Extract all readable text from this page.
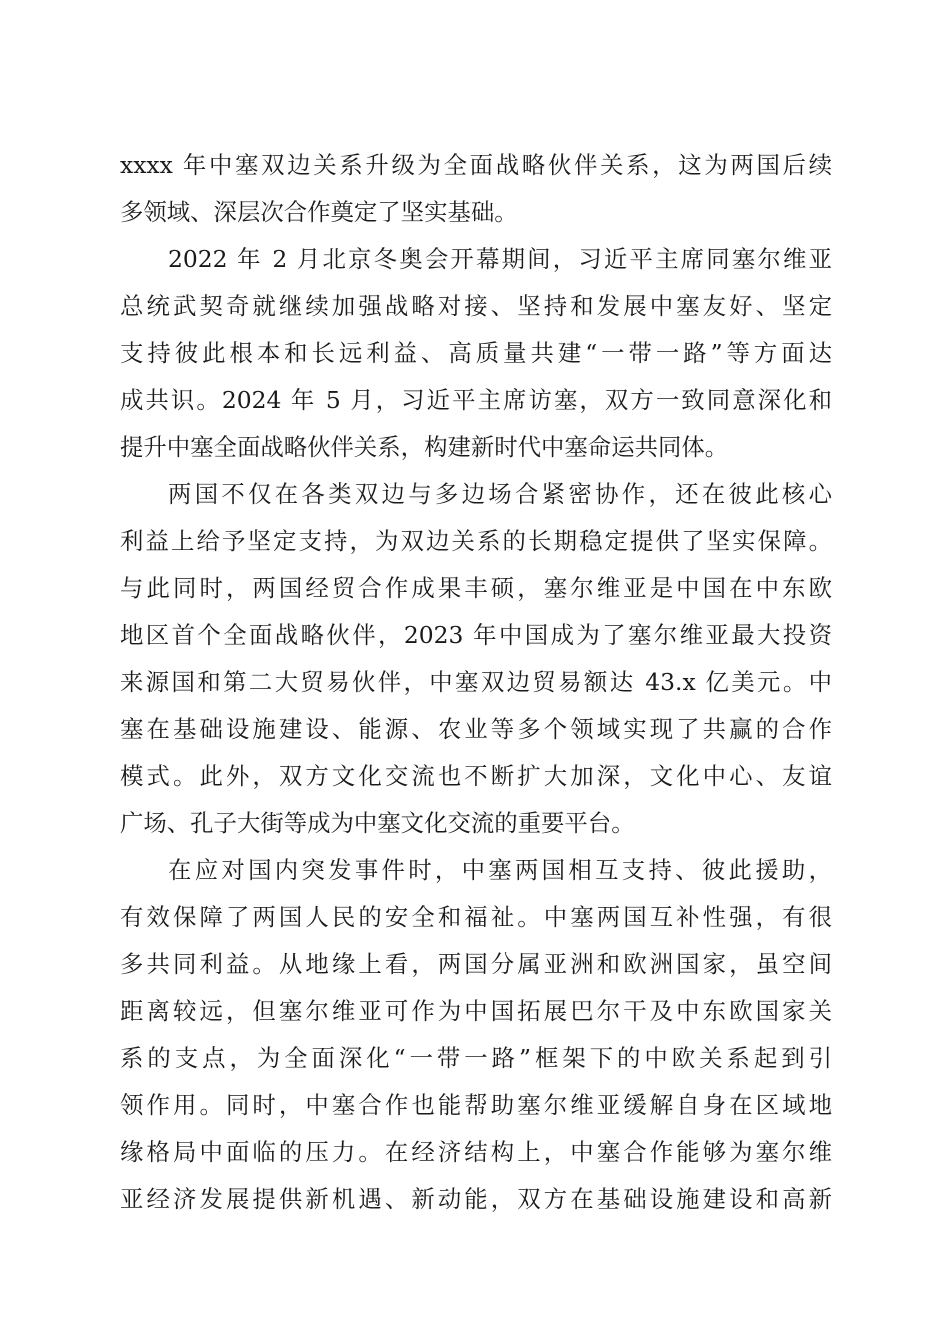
xxxx 年中塞双边关系升级为全面战略伙伴关系，这为两国后续
多领域、深层次合作奠定了坚实基础。
2022 年 2 月北京冬奥会开幕期间，习近平主席同塞尔维亚
总统武契奇就继续加强战略对接、坚持和发展中塞友好、坚定
支持彼此根本和长远利益、高质量共建“一带一路”等方面达
成共识。2024 年 5 月，习近平主席访塞，双方一致同意深化和
提升中塞全面战略伙伴关系，构建新时代中塞命运共同体。
两国不仅在各类双边与多边场合紧密协作，还在彼此核心
利益上给予坚定支持，为双边关系的长期稳定提供了坚实保障。
与此同时，两国经贸合作成果丰硕，塞尔维亚是中国在中东欧
地区首个全面战略伙伴，2023 年中国成为了塞尔维亚最大投资
来源国和第二大贸易伙伴，中塞双边贸易额达 43.x 亿美元。中
塞在基础设施建设、能源、农业等多个领域实现了共赢的合作
模式。此外，双方文化交流也不断扩大加深，文化中心、友谊
广场、孔子大街等成为中塞文化交流的重要平台。
在应对国内突发事件时，中塞两国相互支持、彼此援助，
有效保障了两国人民的安全和福祉。中塞两国互补性强，有很
多共同利益。从地缘上看，两国分属亚洲和欧洲国家，虽空间
距离较远，但塞尔维亚可作为中国拓展巴尔干及中东欧国家关
系的支点，为全面深化“一带一路”框架下的中欧关系起到引
领作用。同时，中塞合作也能帮助塞尔维亚缓解自身在区域地
缘格局中面临的压力。在经济结构上，中塞合作能够为塞尔维
亚经济发展提供新机遇、新动能，双方在基础设施建设和高新
